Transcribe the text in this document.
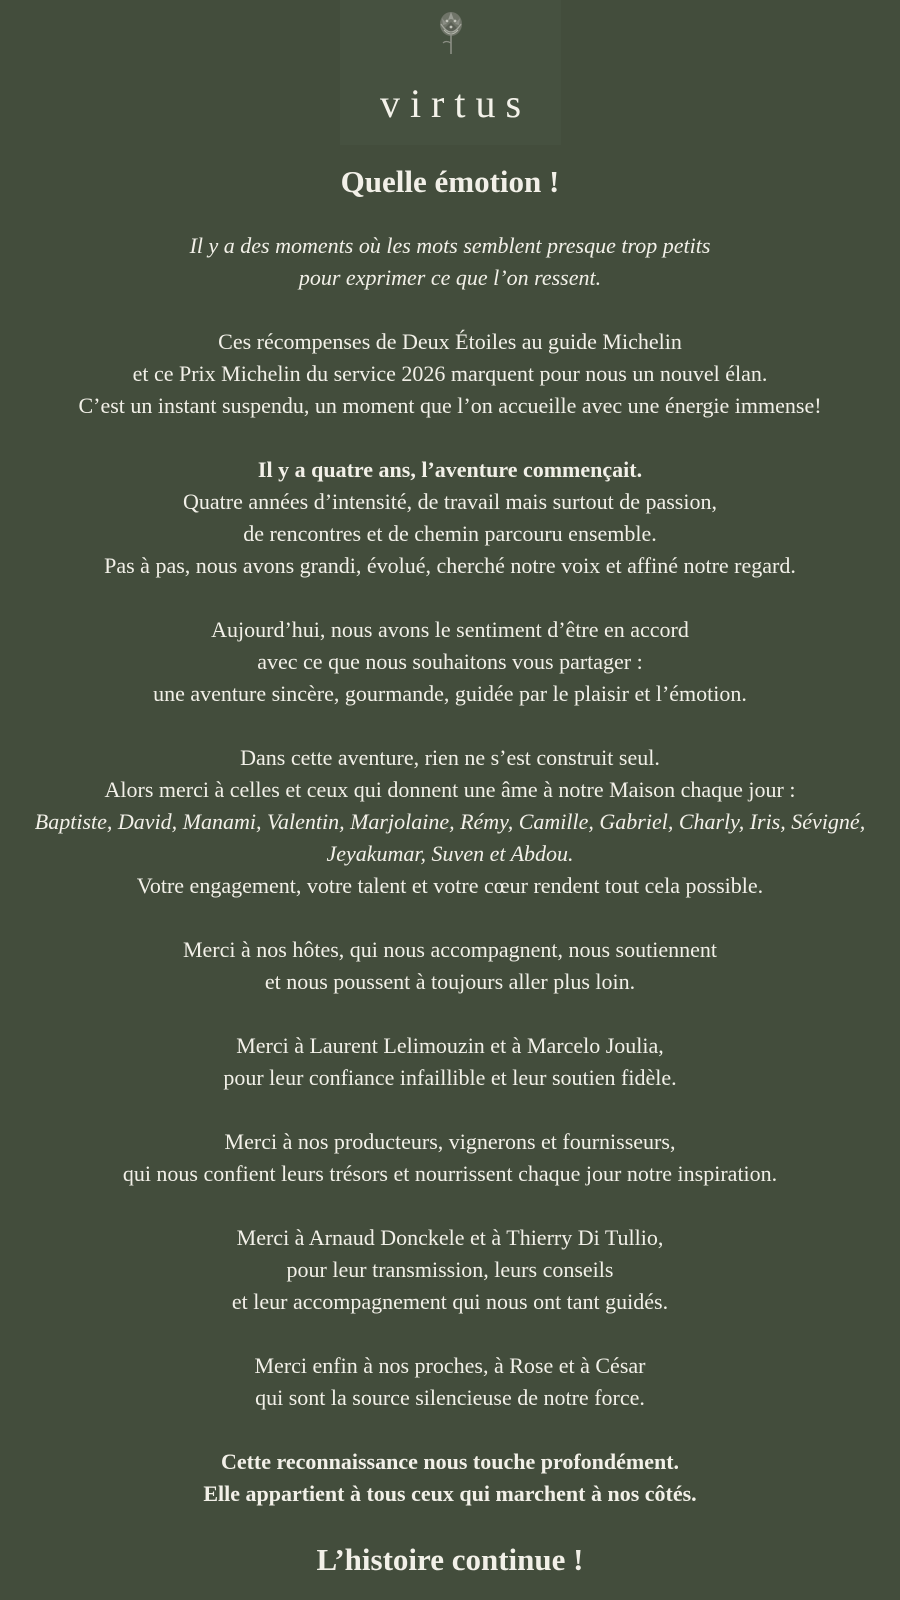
virtus
Quelle émotion !

Il y a des moments où les mots semblent presque trop petits
pour exprimer ce que l’on ressent.

Ces récompenses de Deux Étoiles au guide Michelin
et ce Prix Michelin du service 2026 marquent pour nous un nouvel élan.
C’est un instant suspendu, un moment que l’on accueille avec une énergie immense!

Il y a quatre ans, l’aventure commençait.
Quatre années d’intensité, de travail mais surtout de passion,
de rencontres et de chemin parcouru ensemble.
Pas à pas, nous avons grandi, évolué, cherché notre voix et affiné notre regard.

Aujourd’hui, nous avons le sentiment d’être en accord
avec ce que nous souhaitons vous partager :
une aventure sincère, gourmande, guidée par le plaisir et l’émotion.

Dans cette aventure, rien ne s’est construit seul.
Alors merci à celles et ceux qui donnent une âme à notre Maison chaque jour :
Baptiste, David, Manami, Valentin, Marjolaine, Rémy, Camille, Gabriel, Charly, Iris, Sévigné, Jeyakumar, Suven et Abdou.
Votre engagement, votre talent et votre cœur rendent tout cela possible.

Merci à nos hôtes, qui nous accompagnent, nous soutiennent
et nous poussent à toujours aller plus loin.

Merci à Laurent Lelimouzin et à Marcelo Joulia,
pour leur confiance infaillible et leur soutien fidèle.

Merci à nos producteurs, vignerons et fournisseurs,
qui nous confient leurs trésors et nourrissent chaque jour notre inspiration.

Merci à Arnaud Donckele et à Thierry Di Tullio,
pour leur transmission, leurs conseils
et leur accompagnement qui nous ont tant guidés.

Merci enfin à nos proches, à Rose et à César
qui sont la source silencieuse de notre force.

Cette reconnaissance nous touche profondément.
Elle appartient à tous ceux qui marchent à nos côtés.

L’histoire continue !
